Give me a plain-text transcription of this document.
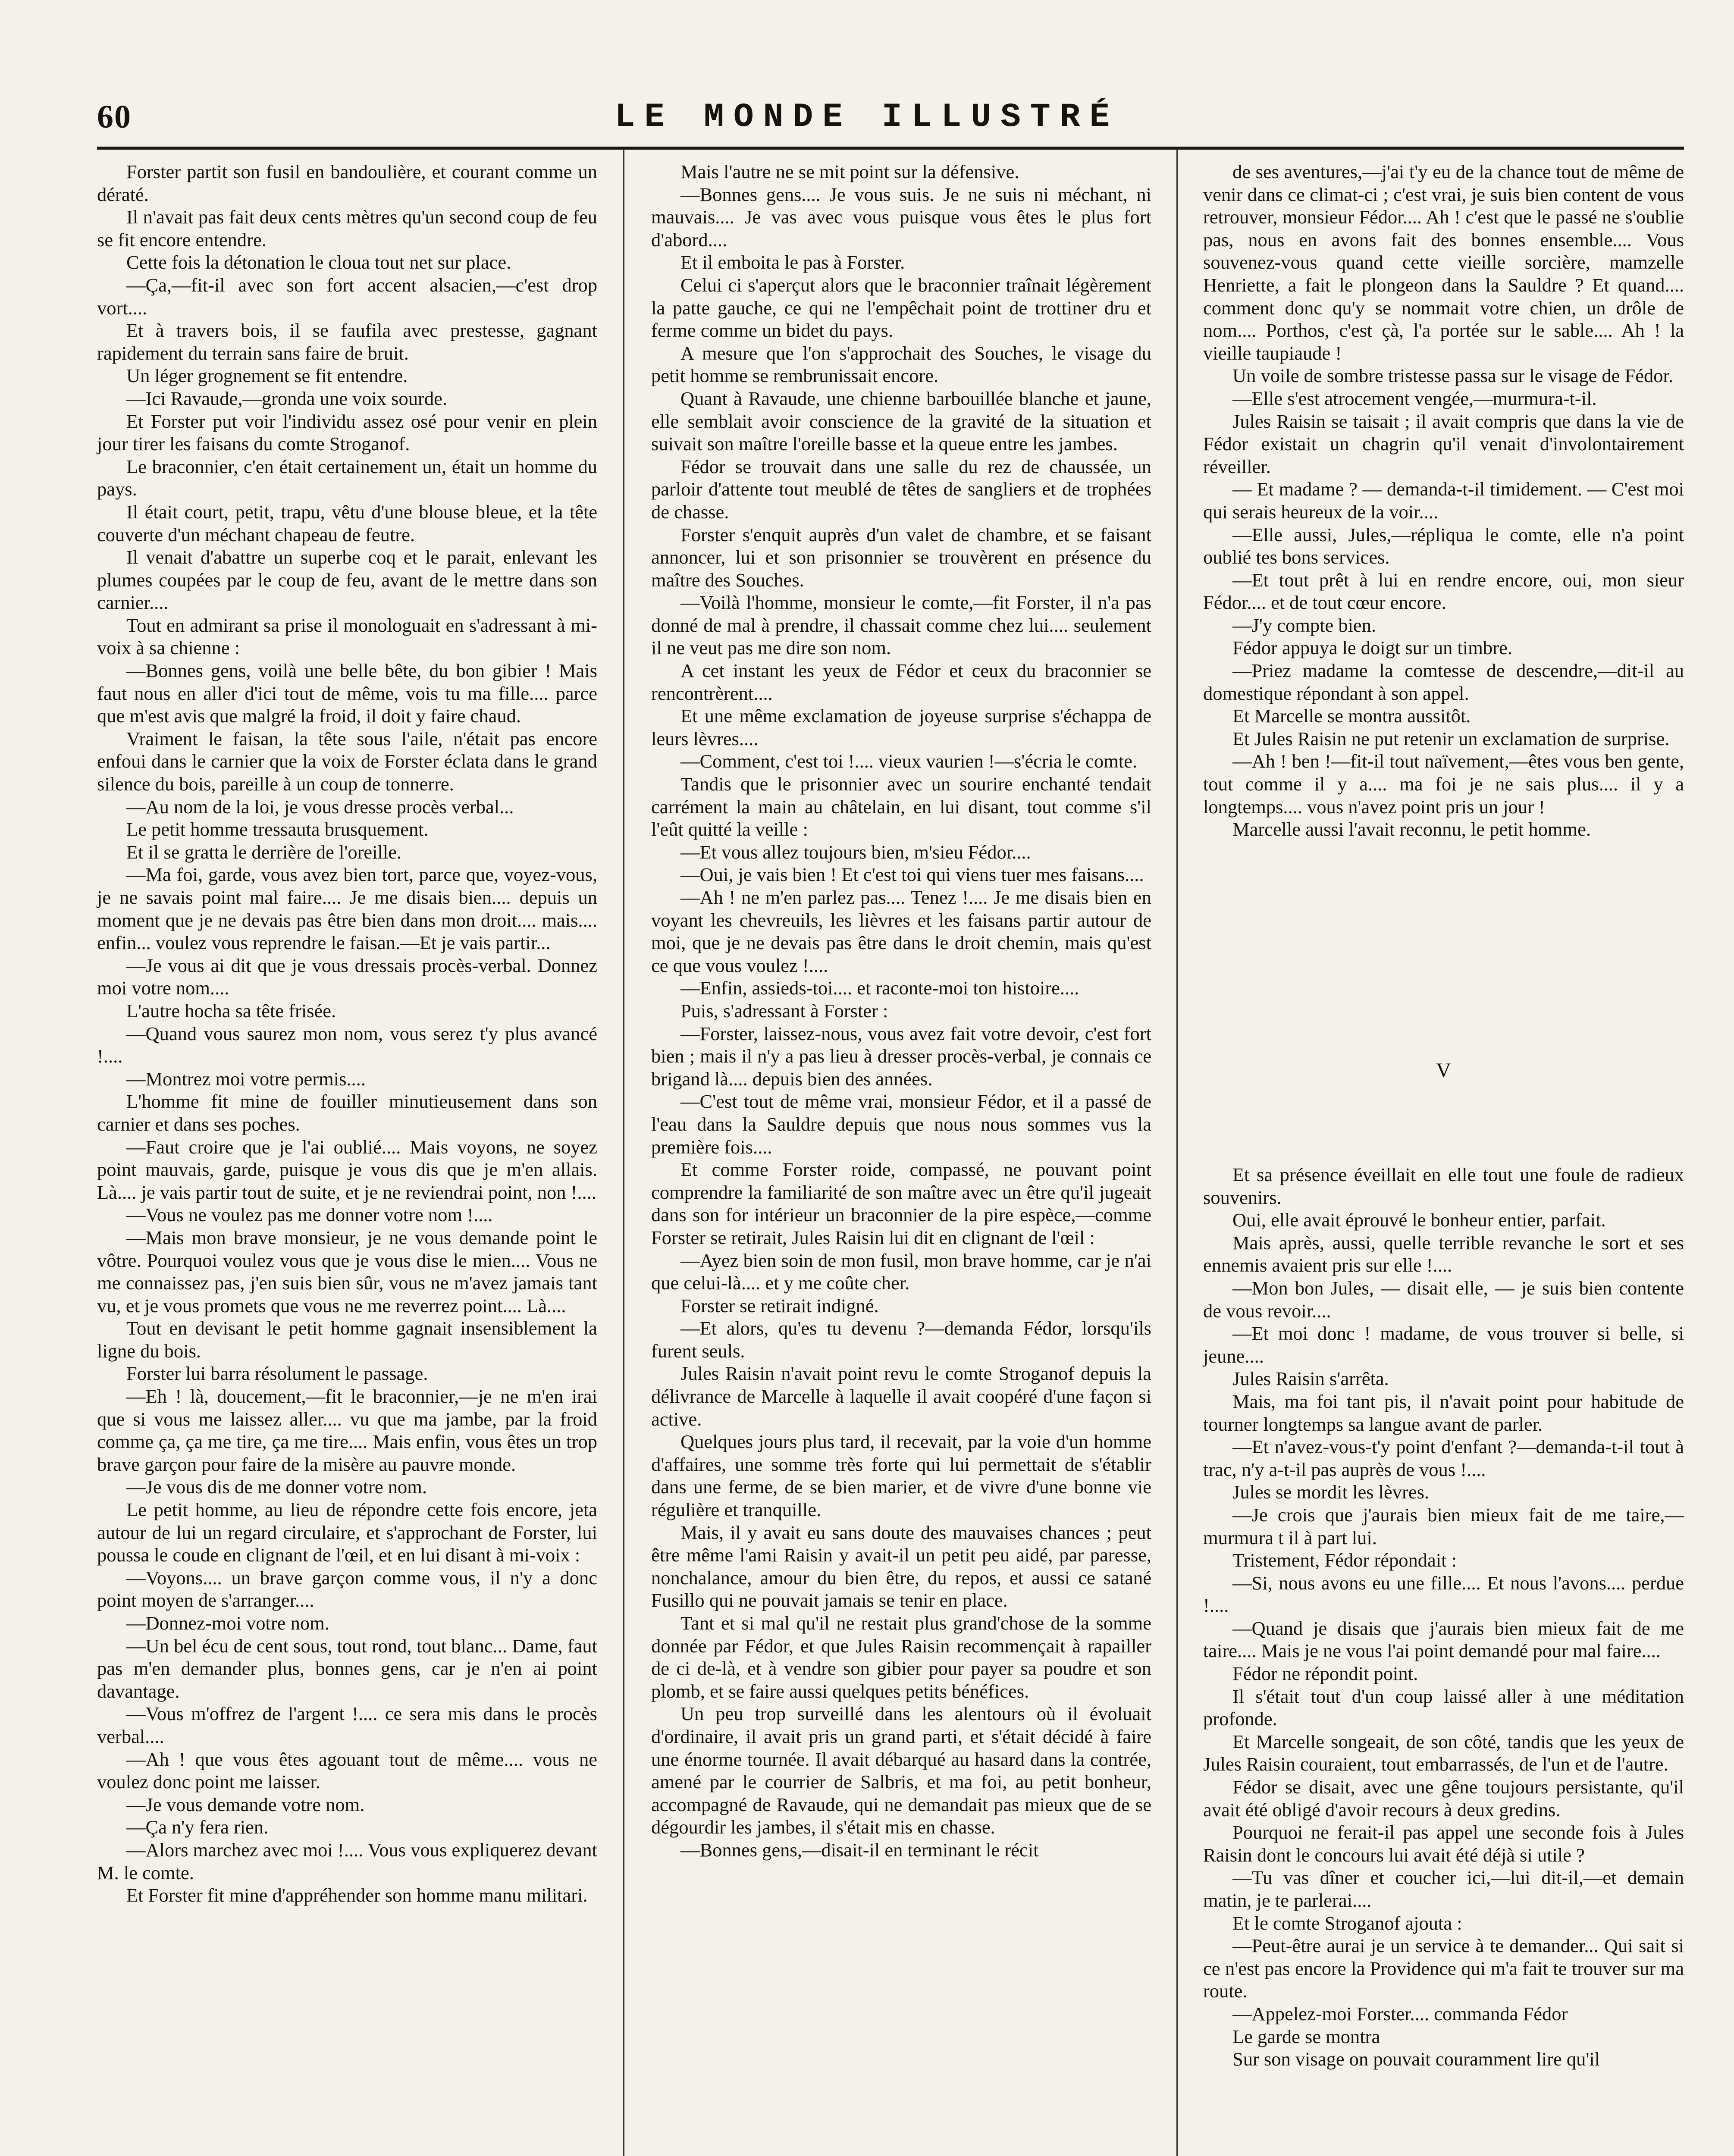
60	LE MONDE ILLUSTRÉ

Forster partit son fusil en bandoulière, et courant comme un dératé.

Il n'avait pas fait deux cents mètres qu'un second coup de feu se fit encore entendre.

Cette fois la détonation le cloua tout net sur place.

—Ça,—fit-il avec son fort accent alsacien,—c'est drop vort....

Et à travers bois, il se faufila avec prestesse, gagnant rapidement du terrain sans faire de bruit.

Un léger grognement se fit entendre.

—Ici Ravaude,—gronda une voix sourde.

Et Forster put voir l'individu assez osé pour venir en plein jour tirer les faisans du comte Stroganof.

Le braconnier, c'en était certainement un, était un homme du pays.

Il était court, petit, trapu, vêtu d'une blouse bleue, et la tête couverte d'un méchant chapeau de feutre.

Il venait d'abattre un superbe coq et le parait, enlevant les plumes coupées par le coup de feu, avant de le mettre dans son carnier....

Tout en admirant sa prise il monologuait en s'adressant à mi-voix à sa chienne :

—Bonnes gens, voilà une belle bête, du bon gibier ! Mais faut nous en aller d'ici tout de même, vois tu ma fille.... parce que m'est avis que malgré la froid, il doit y faire chaud.

Vraiment le faisan, la tête sous l'aile, n'était pas encore enfoui dans le carnier que la voix de Forster éclata dans le grand silence du bois, pareille à un coup de tonnerre.

—Au nom de la loi, je vous dresse procès verbal...

Le petit homme tressauta brusquement.

Et il se gratta le derrière de l'oreille.

—Ma foi, garde, vous avez bien tort, parce que, voyez-vous, je ne savais point mal faire.... Je me disais bien.... depuis un moment que je ne devais pas être bien dans mon droit.... mais.... enfin... voulez vous reprendre le faisan.—Et je vais partir...

—Je vous ai dit que je vous dressais procès-verbal. Donnez moi votre nom....

L'autre hocha sa tête frisée.

—Quand vous saurez mon nom, vous serez t'y plus avancé !....

—Montrez moi votre permis....

L'homme fit mine de fouiller minutieusement dans son carnier et dans ses poches.

—Faut croire que je l'ai oublié.... Mais voyons, ne soyez point mauvais, garde, puisque je vous dis que je m'en allais. Là.... je vais partir tout de suite, et je ne reviendrai point, non !....

—Vous ne voulez pas me donner votre nom !....

—Mais mon brave monsieur, je ne vous demande point le vôtre. Pourquoi voulez vous que je vous dise le mien.... Vous ne me connaissez pas, j'en suis bien sûr, vous ne m'avez jamais tant vu, et je vous promets que vous ne me reverrez point.... Là....

Tout en devisant le petit homme gagnait insensiblement la ligne du bois.

Forster lui barra résolument le passage.

—Eh ! là, doucement,—fit le braconnier,—je ne m'en irai que si vous me laissez aller.... vu que ma jambe, par la froid comme ça, ça me tire, ça me tire.... Mais enfin, vous êtes un trop brave garçon pour faire de la misère au pauvre monde.

—Je vous dis de me donner votre nom.

Le petit homme, au lieu de répondre cette fois encore, jeta autour de lui un regard circulaire, et s'approchant de Forster, lui poussa le coude en clignant de l'œil, et en lui disant à mi-voix :

—Voyons.... un brave garçon comme vous, il n'y a donc point moyen de s'arranger....

—Donnez-moi votre nom.

—Un bel écu de cent sous, tout rond, tout blanc... Dame, faut pas m'en demander plus, bonnes gens, car je n'en ai point davantage.

—Vous m'offrez de l'argent !.... ce sera mis dans le procès verbal....

—Ah ! que vous êtes agouant tout de même.... vous ne voulez donc point me laisser.

—Je vous demande votre nom.

—Ça n'y fera rien.

—Alors marchez avec moi !.... Vous vous expliquerez devant M. le comte.

Et Forster fit mine d'appréhender son homme manu militari.

Mais l'autre ne se mit point sur la défensive.

—Bonnes gens.... Je vous suis. Je ne suis ni méchant, ni mauvais.... Je vas avec vous puisque vous êtes le plus fort d'abord....

Et il emboita le pas à Forster.

Celui ci s'aperçut alors que le braconnier traînait légèrement la patte gauche, ce qui ne l'empêchait point de trottiner dru et ferme comme un bidet du pays.

A mesure que l'on s'approchait des Souches, le visage du petit homme se rembrunissait encore.

Quant à Ravaude, une chienne barbouillée blanche et jaune, elle semblait avoir conscience de la gravité de la situation et suivait son maître l'oreille basse et la queue entre les jambes.

Fédor se trouvait dans une salle du rez de chaussée, un parloir d'attente tout meublé de têtes de sangliers et de trophées de chasse.

Forster s'enquit auprès d'un valet de chambre, et se faisant annoncer, lui et son prisonnier se trouvèrent en présence du maître des Souches.

—Voilà l'homme, monsieur le comte,—fit Forster, il n'a pas donné de mal à prendre, il chassait comme chez lui.... seulement il ne veut pas me dire son nom.

A cet instant les yeux de Fédor et ceux du braconnier se rencontrèrent....

Et une même exclamation de joyeuse surprise s'échappa de leurs lèvres....

—Comment, c'est toi !.... vieux vaurien !—s'écria le comte.

Tandis que le prisonnier avec un sourire enchanté tendait carrément la main au châtelain, en lui disant, tout comme s'il l'eût quitté la veille :

—Et vous allez toujours bien, m'sieu Fédor....

—Oui, je vais bien ! Et c'est toi qui viens tuer mes faisans....

—Ah ! ne m'en parlez pas.... Tenez !.... Je me disais bien en voyant les chevreuils, les lièvres et les faisans partir autour de moi, que je ne devais pas être dans le droit chemin, mais qu'est ce que vous voulez !....

—Enfin, assieds-toi.... et raconte-moi ton histoire....

Puis, s'adressant à Forster :

—Forster, laissez-nous, vous avez fait votre devoir, c'est fort bien ; mais il n'y a pas lieu à dresser procès-verbal, je connais ce brigand là.... depuis bien des années.

—C'est tout de même vrai, monsieur Fédor, et il a passé de l'eau dans la Sauldre depuis que nous nous sommes vus la première fois....

Et comme Forster roide, compassé, ne pouvant point comprendre la familiarité de son maître avec un être qu'il jugeait dans son for intérieur un braconnier de la pire espèce,—comme Forster se retirait, Jules Raisin lui dit en clignant de l'œil :

—Ayez bien soin de mon fusil, mon brave homme, car je n'ai que celui-là.... et y me coûte cher.

Forster se retirait indigné.

—Et alors, qu'es tu devenu ?—demanda Fédor, lorsqu'ils furent seuls.

Jules Raisin n'avait point revu le comte Stroganof depuis la délivrance de Marcelle à laquelle il avait coopéré d'une façon si active.

Quelques jours plus tard, il recevait, par la voie d'un homme d'affaires, une somme très forte qui lui permettait de s'établir dans une ferme, de se bien marier, et de vivre d'une bonne vie régulière et tranquille.

Mais, il y avait eu sans doute des mauvaises chances ; peut être même l'ami Raisin y avait-il un petit peu aidé, par paresse, nonchalance, amour du bien être, du repos, et aussi ce satané Fusillo qui ne pouvait jamais se tenir en place.

Tant et si mal qu'il ne restait plus grand'chose de la somme donnée par Fédor, et que Jules Raisin recommençait à rapailler de ci de-là, et à vendre son gibier pour payer sa poudre et son plomb, et se faire aussi quelques petits bénéfices.

Un peu trop surveillé dans les alentours où il évoluait d'ordinaire, il avait pris un grand parti, et s'était décidé à faire une énorme tournée. Il avait débarqué au hasard dans la contrée, amené par le courrier de Salbris, et ma foi, au petit bonheur, accompagné de Ravaude, qui ne demandait pas mieux que de se dégourdir les jambes, il s'était mis en chasse.

—Bonnes gens,—disait-il en terminant le récit

de ses aventures,—j'ai t'y eu de la chance tout de même de venir dans ce climat-ci ; c'est vrai, je suis bien content de vous retrouver, monsieur Fédor.... Ah ! c'est que le passé ne s'oublie pas, nous en avons fait des bonnes ensemble.... Vous souvenez-vous quand cette vieille sorcière, mamzelle Henriette, a fait le plongeon dans la Sauldre ? Et quand.... comment donc qu'y se nommait votre chien, un drôle de nom.... Porthos, c'est çà, l'a portée sur le sable.... Ah ! la vieille taupiaude !

Un voile de sombre tristesse passa sur le visage de Fédor.

—Elle s'est atrocement vengée,—murmura-t-il.

Jules Raisin se taisait ; il avait compris que dans la vie de Fédor existait un chagrin qu'il venait d'involontairement réveiller.

— Et madame ? — demanda-t-il timidement. — C'est moi qui serais heureux de la voir....

—Elle aussi, Jules,—répliqua le comte, elle n'a point oublié tes bons services.

—Et tout prêt à lui en rendre encore, oui, mon sieur Fédor.... et de tout cœur encore.

—J'y compte bien.

Fédor appuya le doigt sur un timbre.

—Priez madame la comtesse de descendre,—dit-il au domestique répondant à son appel.

Et Marcelle se montra aussitôt.

Et Jules Raisin ne put retenir un exclamation de surprise.

—Ah ! ben !—fit-il tout naïvement,—êtes vous ben gente, tout comme il y a.... ma foi je ne sais plus.... il y a longtemps.... vous n'avez point pris un jour !

Marcelle aussi l'avait reconnu, le petit homme.

V

Et sa présence éveillait en elle tout une foule de radieux souvenirs.

Oui, elle avait éprouvé le bonheur entier, parfait.

Mais après, aussi, quelle terrible revanche le sort et ses ennemis avaient pris sur elle !....

—Mon bon Jules, — disait elle, — je suis bien contente de vous revoir....

—Et moi donc ! madame, de vous trouver si belle, si jeune....

Jules Raisin s'arrêta.

Mais, ma foi tant pis, il n'avait point pour habitude de tourner longtemps sa langue avant de parler.

—Et n'avez-vous-t'y point d'enfant ?—demanda-t-il tout à trac, n'y a-t-il pas auprès de vous !....

Jules se mordit les lèvres.

—Je crois que j'aurais bien mieux fait de me taire,—murmura t il à part lui.

Tristement, Fédor répondait :

—Si, nous avons eu une fille.... Et nous l'avons.... perdue !....

—Quand je disais que j'aurais bien mieux fait de me taire.... Mais je ne vous l'ai point demandé pour mal faire....

Fédor ne répondit point.

Il s'était tout d'un coup laissé aller à une méditation profonde.

Et Marcelle songeait, de son côté, tandis que les yeux de Jules Raisin couraient, tout embarrassés, de l'un et de l'autre.

Fédor se disait, avec une gêne toujours persistante, qu'il avait été obligé d'avoir recours à deux gredins.

Pourquoi ne ferait-il pas appel une seconde fois à Jules Raisin dont le concours lui avait été déjà si utile ?

—Tu vas dîner et coucher ici,—lui dit-il,—et demain matin, je te parlerai....

Et le comte Stroganof ajouta :

—Peut-être aurai je un service à te demander... Qui sait si ce n'est pas encore la Providence qui m'a fait te trouver sur ma route.

—Appelez-moi Forster.... commanda Fédor

Le garde se montra

Sur son visage on pouvait couramment lire qu'il
